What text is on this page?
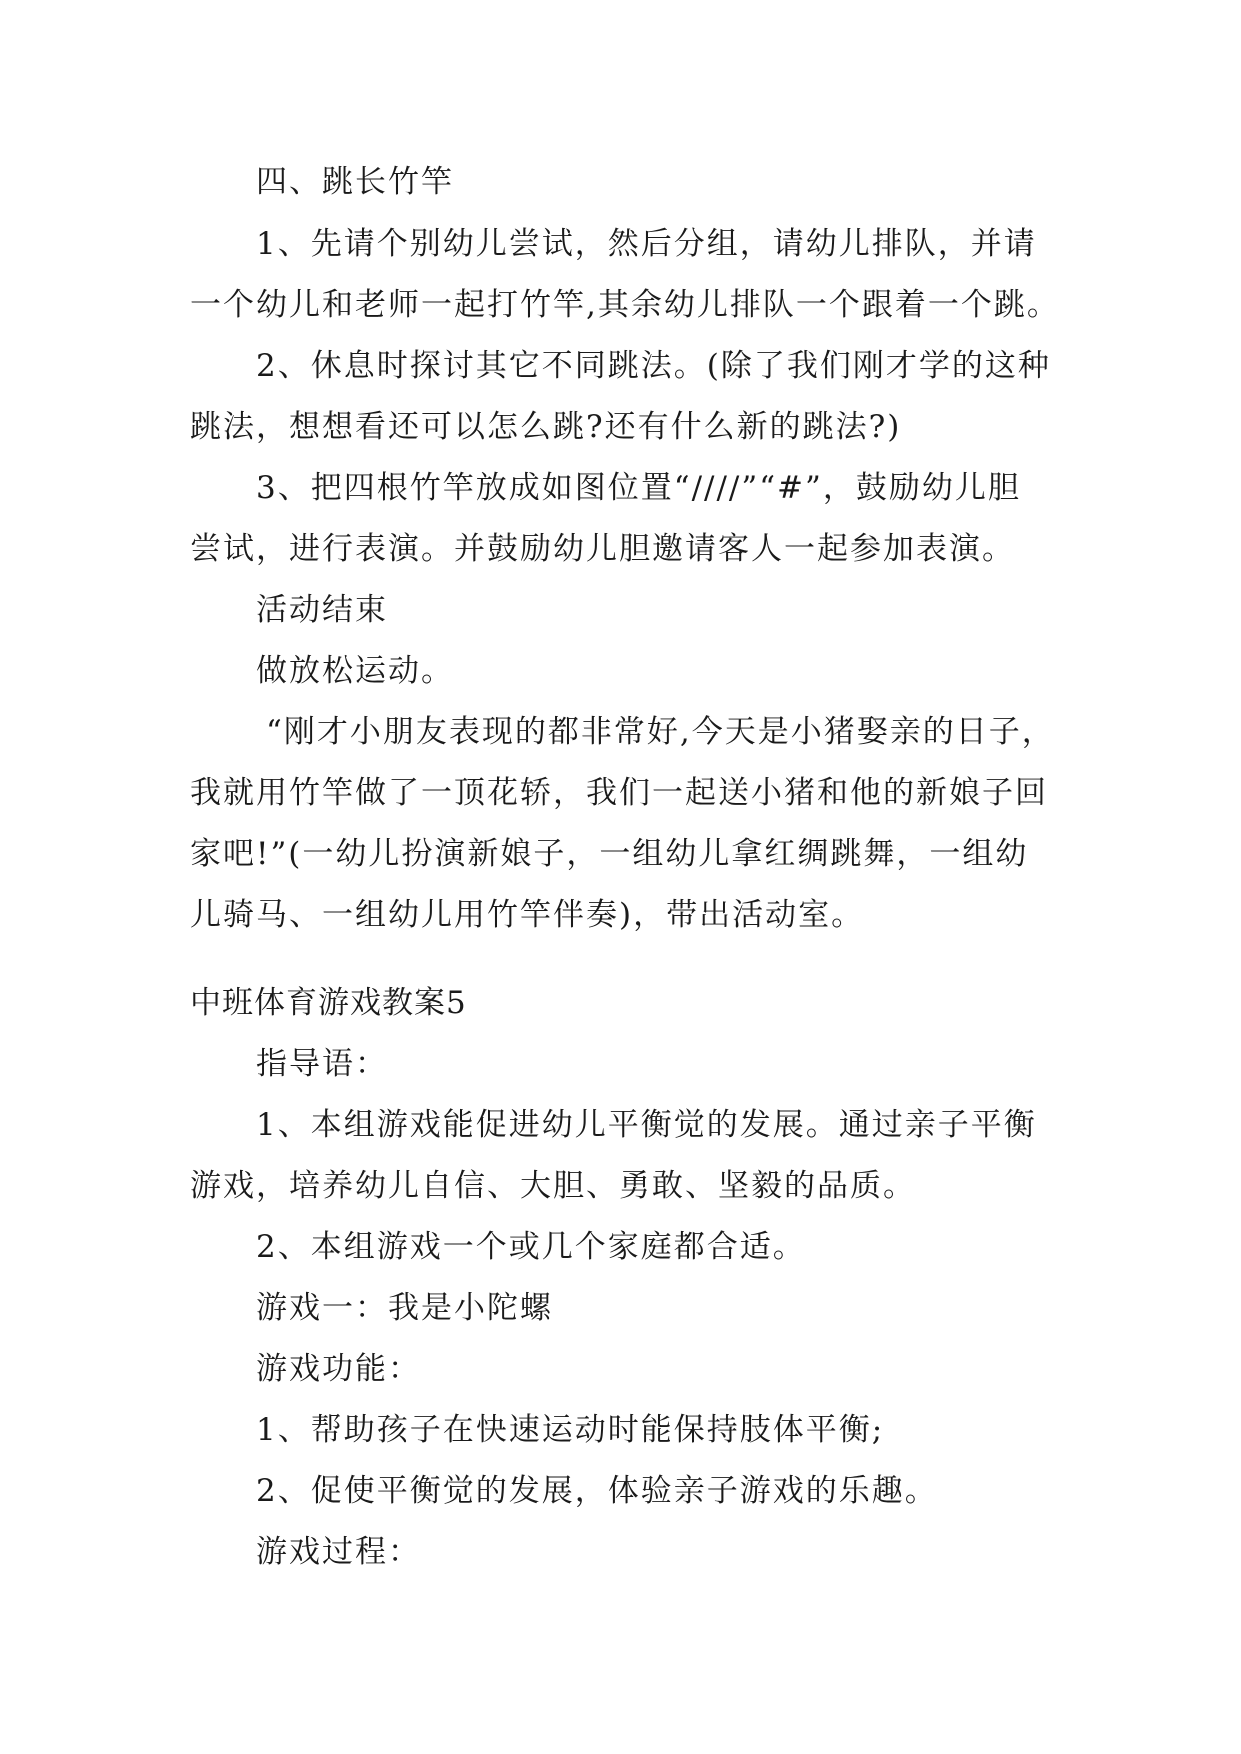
四、跳长竹竿
1、先请个别幼儿尝试，然后分组，请幼儿排队，并请
一个幼儿和老师一起打竹竿,其余幼儿排队一个跟着一个跳。
2、休息时探讨其它不同跳法。(除了我们刚才学的这种
跳法，想想看还可以怎么跳?还有什么新的跳法?)
3、把四根竹竿放成如图位置“////”“#”，鼓励幼儿胆
尝试，进行表演。并鼓励幼儿胆邀请客人一起参加表演。
活动结束
做放松运动。
“刚才小朋友表现的都非常好,今天是小猪娶亲的日子，
我就用竹竿做了一顶花轿，我们一起送小猪和他的新娘子回
家吧!”(一幼儿扮演新娘子，一组幼儿拿红绸跳舞，一组幼
儿骑马、一组幼儿用竹竿伴奏)，带出活动室。
中班体育游戏教案5
指导语：
1、本组游戏能促进幼儿平衡觉的发展。通过亲子平衡
游戏，培养幼儿自信、大胆、勇敢、坚毅的品质。
2、本组游戏一个或几个家庭都合适。
游戏一：我是小陀螺
游戏功能：
1、帮助孩子在快速运动时能保持肢体平衡;
2、促使平衡觉的发展，体验亲子游戏的乐趣。
游戏过程：
